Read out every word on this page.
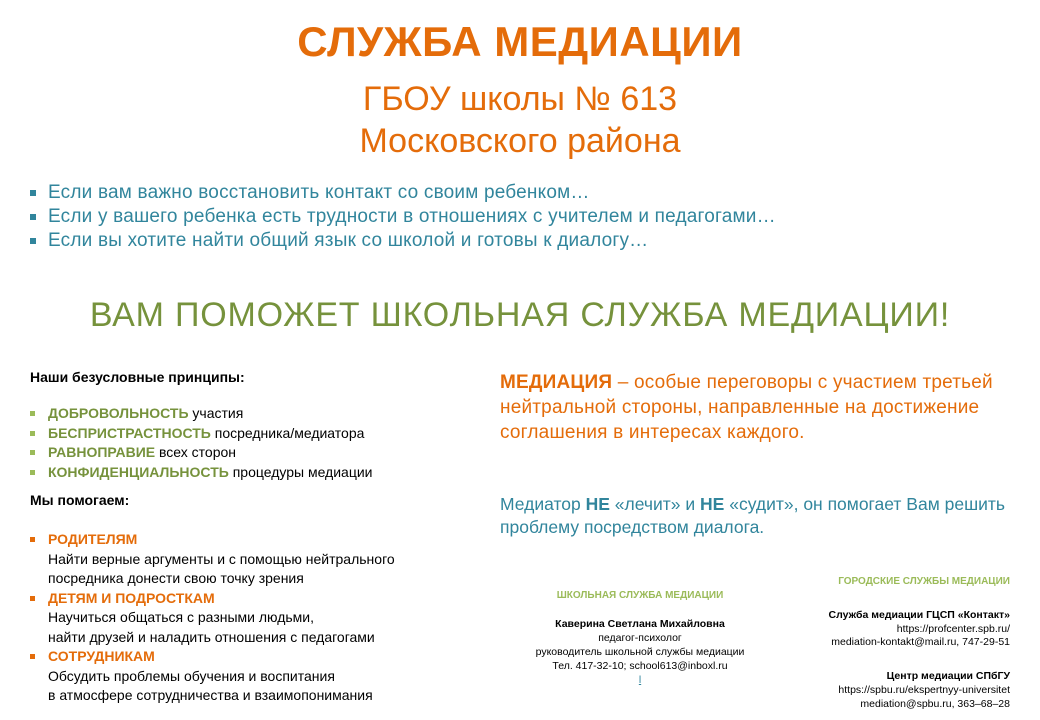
СЛУЖБА МЕДИАЦИИ
ГБОУ школы № 613
Московского района
Если вам важно восстановить контакт со своим ребенком…
Если у вашего ребенка есть трудности в отношениях с учителем и педагогами…
Если вы хотите найти общий язык со школой и готовы к диалогу…
ВАМ ПОМОЖЕТ ШКОЛЬНАЯ СЛУЖБА МЕДИАЦИИ!
Наши безусловные принципы:
ДОБРОВОЛЬНОСТЬ участия
БЕСПРИСТРАСТНОСТЬ посредника/медиатора
РАВНОПРАВИЕ всех сторон
КОНФИДЕНЦИАЛЬНОСТЬ процедуры медиации
Мы помогаем:
РОДИТЕЛЯМ
Найти верные аргументы и с помощью нейтрального
посредника донести свою точку зрения
ДЕТЯМ И ПОДРОСТКАМ
Научиться общаться с разными людьми,
найти друзей и наладить отношения с педагогами
СОТРУДНИКАМ
Обсудить проблемы обучения и воспитания
в атмосфере сотрудничества и взаимопонимания
МЕДИАЦИЯ – особые переговоры с участием третьей нейтральной стороны, направленные на достижение соглашения в интересах каждого.
Медиатор НЕ «лечит» и НЕ «судит», он помогает Вам решить проблему посредством диалога.
ШКОЛЬНАЯ СЛУЖБА МЕДИАЦИИ
Каверина Светлана Михайловна
педагог-психолог
руководитель школьной службы медиации
Тел. 417-32-10; school613@inboxl.ru
l
ГОРОДСКИЕ СЛУЖБЫ МЕДИАЦИИ
Служба медиации ГЦСП «Контакт»
https://profcenter.spb.ru/
mediation-kontakt@mail.ru, 747-29-51
Центр медиации СПбГУ
https://spbu.ru/ekspertnyy-universitet
mediation@spbu.ru, 363–68–28
